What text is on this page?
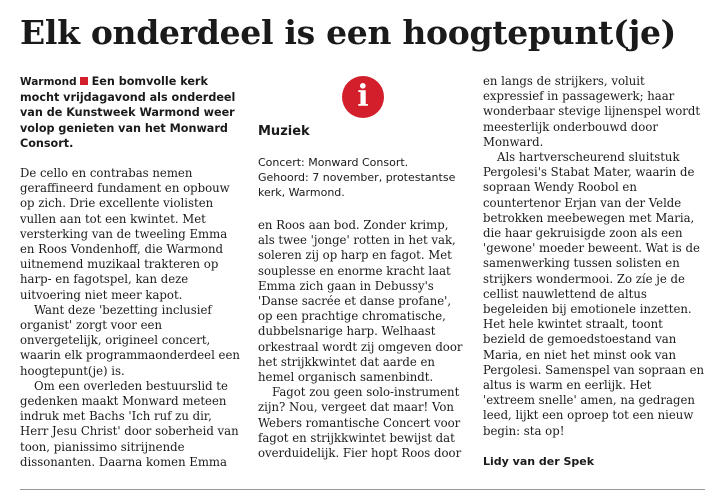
Elk onderdeel is een hoogtepunt(je)

Warmond Een bomvolle kerk mocht vrijdagavond als onderdeel van de Kunstweek Warmond weer volop genieten van het Monward Consort.

De cello en contrabas nemen geraffineerd fundament en opbouw op zich. Drie excellente violisten vullen aan tot een kwintet. Met versterking van de tweeling Emma en Roos Vondenhoff, die Warmond uitnemend muzikaal trakteren op harp- en fagotspel, kan deze uitvoering niet meer kapot.

Want deze 'bezetting inclusief organist' zorgt voor een onvergetelijk, origineel concert, waarin elk programmaonderdeel een hoogtepunt(je) is.

Om een overleden bestuurslid te gedenken maakt Monward meteen indruk met Bachs 'Ich ruf zu dir, Herr Jesu Christ' door soberheid van toon, pianissimo sitrijnende dissonanten. Daarna komen Emma

i
Muziek
Concert: Monward Consort.
Gehoord: 7 november, protestantse kerk, Warmond.

en Roos aan bod. Zonder krimp, als twee 'jonge' rotten in het vak, soleren zij op harp en fagot. Met souplesse en enorme kracht laat Emma zich gaan in Debussy's 'Danse sacrée et danse profane', op een prachtige chromatische, dubbelsnarige harp. Welhaast orkestraal wordt zij omgeven door het strijkkwintet dat aarde en hemel organisch samenbindt.

Fagot zou geen solo-instrument zijn? Nou, vergeet dat maar! Von Webers romantische Concert voor fagot en strijkkwintet bewijst dat overduidelijk. Fier hopt Roos door

en langs de strijkers, voluit expressief in passagewerk; haar wonderbaar stevige lijnenspel wordt meesterlijk onderbouwd door Monward.

Als hartverscheurend sluitstuk Pergolesi's Stabat Mater, waarin de sopraan Wendy Roobol en countertenor Erjan van der Velde betrokken meebewegen met Maria, die haar gekruisigde zoon als een 'gewone' moeder beweent. Wat is de samenwerking tussen solisten en strijkers wondermooi. Zo zíe je de cellist nauwlettend de altus begeleiden bij emotionele inzetten. Het hele kwintet straalt, toont bezield de gemoedstoestand van Maria, en niet het minst ook van Pergolesi. Samenspel van sopraan en altus is warm en eerlijk. Het 'extreem snelle' amen, na gedragen leed, lijkt een oproep tot een nieuw begin: sta op!

Lidy van der Spek
